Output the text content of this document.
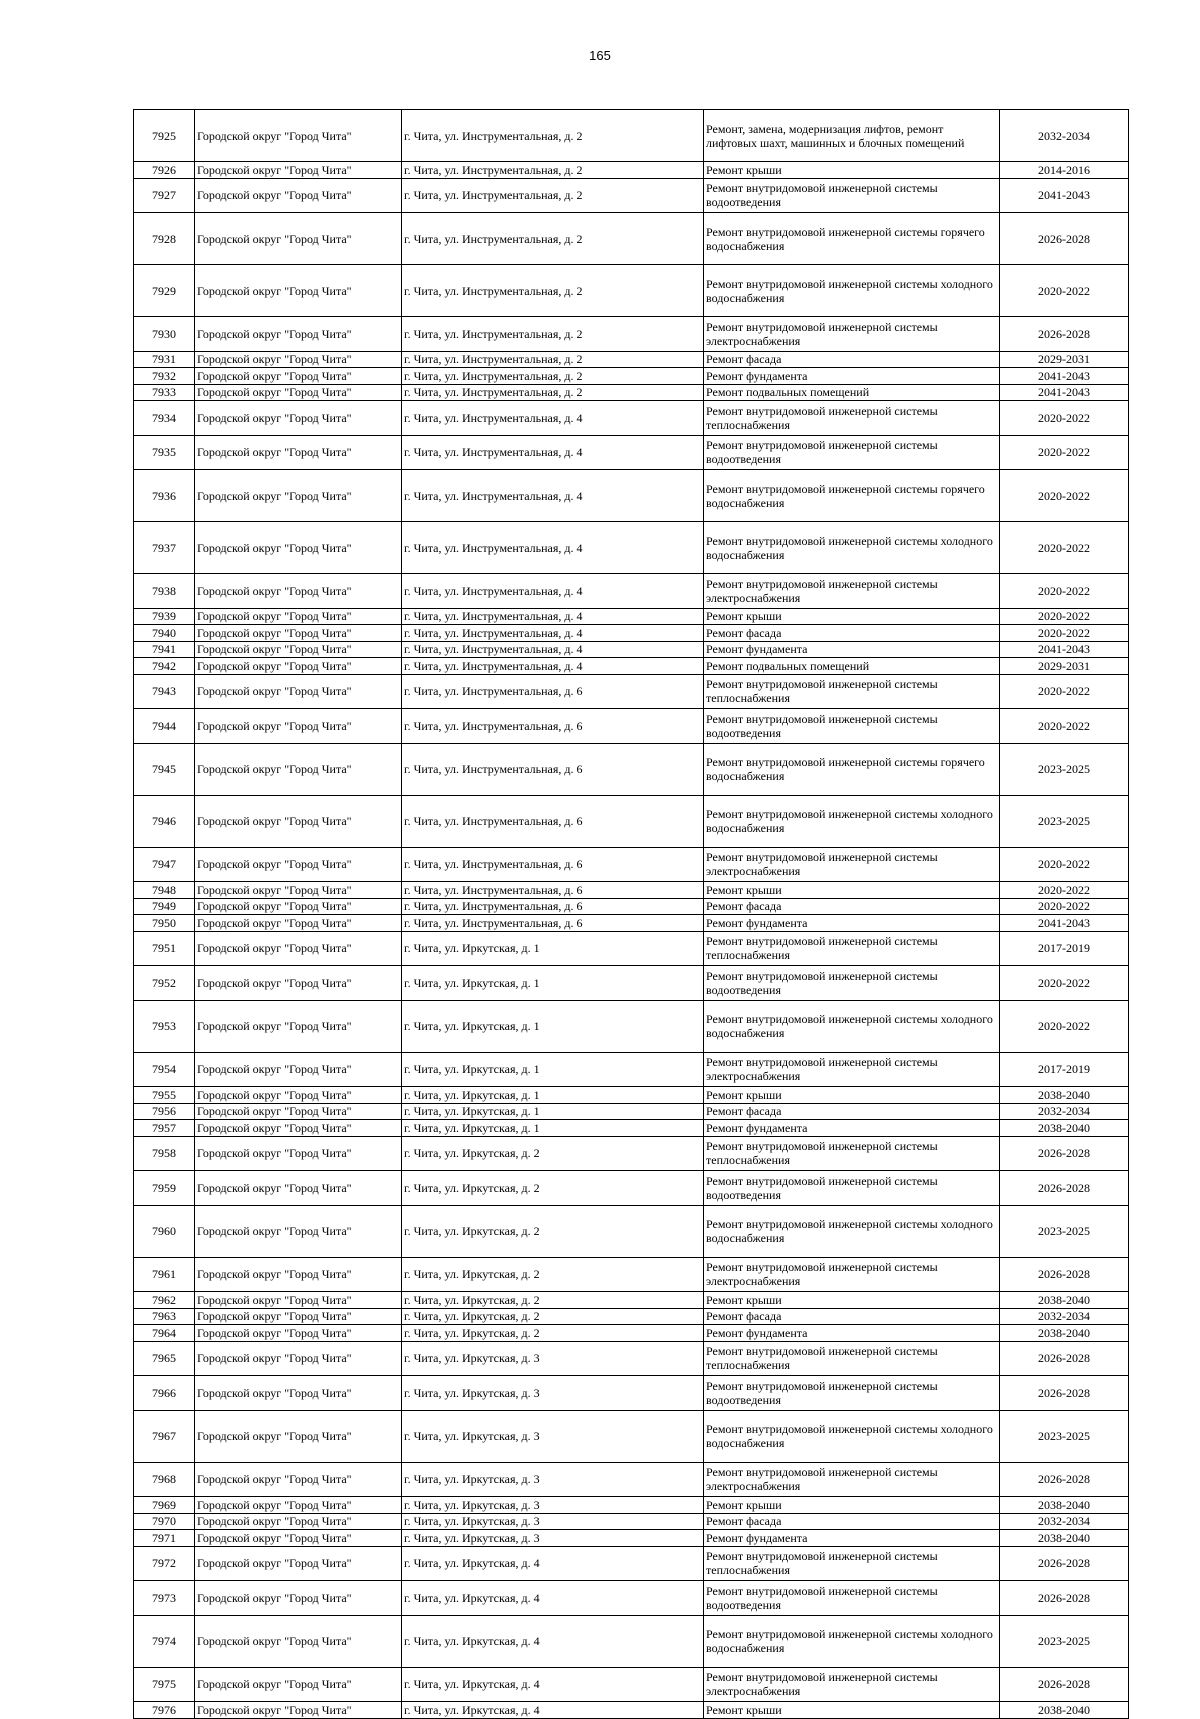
165
7925	Городской округ "Город Чита"	г. Чита, ул. Инструментальная, д. 2	Ремонт, замена, модернизация лифтов, ремонт лифтовых шахт, машинных и блочных помещений	2032-2034
7926	Городской округ "Город Чита"	г. Чита, ул. Инструментальная, д. 2	Ремонт крыши	2014-2016
7927	Городской округ "Город Чита"	г. Чита, ул. Инструментальная, д. 2	Ремонт внутридомовой инженерной системы водоотведения	2041-2043
7928	Городской округ "Город Чита"	г. Чита, ул. Инструментальная, д. 2	Ремонт внутридомовой инженерной системы горячего водоснабжения	2026-2028
7929	Городской округ "Город Чита"	г. Чита, ул. Инструментальная, д. 2	Ремонт внутридомовой инженерной системы холодного водоснабжения	2020-2022
7930	Городской округ "Город Чита"	г. Чита, ул. Инструментальная, д. 2	Ремонт внутридомовой инженерной системы электроснабжения	2026-2028
7931	Городской округ "Город Чита"	г. Чита, ул. Инструментальная, д. 2	Ремонт фасада	2029-2031
7932	Городской округ "Город Чита"	г. Чита, ул. Инструментальная, д. 2	Ремонт фундамента	2041-2043
7933	Городской округ "Город Чита"	г. Чита, ул. Инструментальная, д. 2	Ремонт подвальных помещений	2041-2043
7934	Городской округ "Город Чита"	г. Чита, ул. Инструментальная, д. 4	Ремонт внутридомовой инженерной системы теплоснабжения	2020-2022
7935	Городской округ "Город Чита"	г. Чита, ул. Инструментальная, д. 4	Ремонт внутридомовой инженерной системы водоотведения	2020-2022
7936	Городской округ "Город Чита"	г. Чита, ул. Инструментальная, д. 4	Ремонт внутридомовой инженерной системы горячего водоснабжения	2020-2022
7937	Городской округ "Город Чита"	г. Чита, ул. Инструментальная, д. 4	Ремонт внутридомовой инженерной системы холодного водоснабжения	2020-2022
7938	Городской округ "Город Чита"	г. Чита, ул. Инструментальная, д. 4	Ремонт внутридомовой инженерной системы электроснабжения	2020-2022
7939	Городской округ "Город Чита"	г. Чита, ул. Инструментальная, д. 4	Ремонт крыши	2020-2022
7940	Городской округ "Город Чита"	г. Чита, ул. Инструментальная, д. 4	Ремонт фасада	2020-2022
7941	Городской округ "Город Чита"	г. Чита, ул. Инструментальная, д. 4	Ремонт фундамента	2041-2043
7942	Городской округ "Город Чита"	г. Чита, ул. Инструментальная, д. 4	Ремонт подвальных помещений	2029-2031
7943	Городской округ "Город Чита"	г. Чита, ул. Инструментальная, д. 6	Ремонт внутридомовой инженерной системы теплоснабжения	2020-2022
7944	Городской округ "Город Чита"	г. Чита, ул. Инструментальная, д. 6	Ремонт внутридомовой инженерной системы водоотведения	2020-2022
7945	Городской округ "Город Чита"	г. Чита, ул. Инструментальная, д. 6	Ремонт внутридомовой инженерной системы горячего водоснабжения	2023-2025
7946	Городской округ "Город Чита"	г. Чита, ул. Инструментальная, д. 6	Ремонт внутридомовой инженерной системы холодного водоснабжения	2023-2025
7947	Городской округ "Город Чита"	г. Чита, ул. Инструментальная, д. 6	Ремонт внутридомовой инженерной системы электроснабжения	2020-2022
7948	Городской округ "Город Чита"	г. Чита, ул. Инструментальная, д. 6	Ремонт крыши	2020-2022
7949	Городской округ "Город Чита"	г. Чита, ул. Инструментальная, д. 6	Ремонт фасада	2020-2022
7950	Городской округ "Город Чита"	г. Чита, ул. Инструментальная, д. 6	Ремонт фундамента	2041-2043
7951	Городской округ "Город Чита"	г. Чита, ул. Иркутская, д. 1	Ремонт внутридомовой инженерной системы теплоснабжения	2017-2019
7952	Городской округ "Город Чита"	г. Чита, ул. Иркутская, д. 1	Ремонт внутридомовой инженерной системы водоотведения	2020-2022
7953	Городской округ "Город Чита"	г. Чита, ул. Иркутская, д. 1	Ремонт внутридомовой инженерной системы холодного водоснабжения	2020-2022
7954	Городской округ "Город Чита"	г. Чита, ул. Иркутская, д. 1	Ремонт внутридомовой инженерной системы электроснабжения	2017-2019
7955	Городской округ "Город Чита"	г. Чита, ул. Иркутская, д. 1	Ремонт крыши	2038-2040
7956	Городской округ "Город Чита"	г. Чита, ул. Иркутская, д. 1	Ремонт фасада	2032-2034
7957	Городской округ "Город Чита"	г. Чита, ул. Иркутская, д. 1	Ремонт фундамента	2038-2040
7958	Городской округ "Город Чита"	г. Чита, ул. Иркутская, д. 2	Ремонт внутридомовой инженерной системы теплоснабжения	2026-2028
7959	Городской округ "Город Чита"	г. Чита, ул. Иркутская, д. 2	Ремонт внутридомовой инженерной системы водоотведения	2026-2028
7960	Городской округ "Город Чита"	г. Чита, ул. Иркутская, д. 2	Ремонт внутридомовой инженерной системы холодного водоснабжения	2023-2025
7961	Городской округ "Город Чита"	г. Чита, ул. Иркутская, д. 2	Ремонт внутридомовой инженерной системы электроснабжения	2026-2028
7962	Городской округ "Город Чита"	г. Чита, ул. Иркутская, д. 2	Ремонт крыши	2038-2040
7963	Городской округ "Город Чита"	г. Чита, ул. Иркутская, д. 2	Ремонт фасада	2032-2034
7964	Городской округ "Город Чита"	г. Чита, ул. Иркутская, д. 2	Ремонт фундамента	2038-2040
7965	Городской округ "Город Чита"	г. Чита, ул. Иркутская, д. 3	Ремонт внутридомовой инженерной системы теплоснабжения	2026-2028
7966	Городской округ "Город Чита"	г. Чита, ул. Иркутская, д. 3	Ремонт внутридомовой инженерной системы водоотведения	2026-2028
7967	Городской округ "Город Чита"	г. Чита, ул. Иркутская, д. 3	Ремонт внутридомовой инженерной системы холодного водоснабжения	2023-2025
7968	Городской округ "Город Чита"	г. Чита, ул. Иркутская, д. 3	Ремонт внутридомовой инженерной системы электроснабжения	2026-2028
7969	Городской округ "Город Чита"	г. Чита, ул. Иркутская, д. 3	Ремонт крыши	2038-2040
7970	Городской округ "Город Чита"	г. Чита, ул. Иркутская, д. 3	Ремонт фасада	2032-2034
7971	Городской округ "Город Чита"	г. Чита, ул. Иркутская, д. 3	Ремонт фундамента	2038-2040
7972	Городской округ "Город Чита"	г. Чита, ул. Иркутская, д. 4	Ремонт внутридомовой инженерной системы теплоснабжения	2026-2028
7973	Городской округ "Город Чита"	г. Чита, ул. Иркутская, д. 4	Ремонт внутридомовой инженерной системы водоотведения	2026-2028
7974	Городской округ "Город Чита"	г. Чита, ул. Иркутская, д. 4	Ремонт внутридомовой инженерной системы холодного водоснабжения	2023-2025
7975	Городской округ "Город Чита"	г. Чита, ул. Иркутская, д. 4	Ремонт внутридомовой инженерной системы электроснабжения	2026-2028
7976	Городской округ "Город Чита"	г. Чита, ул. Иркутская, д. 4	Ремонт крыши	2038-2040
